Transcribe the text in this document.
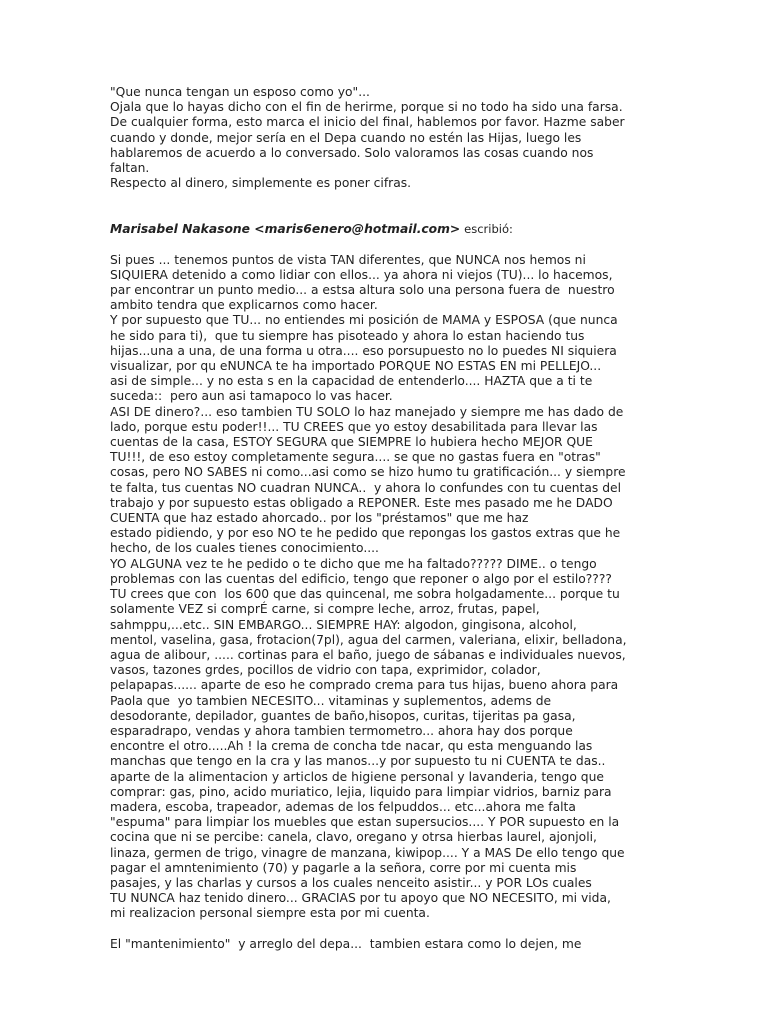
"Que nunca tengan un esposo como yo"...
Ojala que lo hayas dicho con el fin de herirme, porque si no todo ha sido una farsa.
De cualquier forma, esto marca el inicio del final, hablemos por favor. Hazme saber
cuando y donde, mejor sería en el Depa cuando no estén las Hijas, luego les
hablaremos de acuerdo a lo conversado. Solo valoramos las cosas cuando nos
faltan.
Respecto al dinero, simplemente es poner cifras.
Marisabel Nakasone <maris6enero@hotmail.com> escribió:
Si pues ... tenemos puntos de vista TAN diferentes, que NUNCA nos hemos ni
SIQUIERA detenido a como lidiar con ellos... ya ahora ni viejos (TU)... lo hacemos,
par encontrar un punto medio... a estsa altura solo una persona fuera de  nuestro
ambito tendra que explicarnos como hacer.
Y por supuesto que TU... no entiendes mi posición de MAMA y ESPOSA (que nunca
he sido para ti),  que tu siempre has pisoteado y ahora lo estan haciendo tus
hijas...una a una, de una forma u otra.... eso porsupuesto no lo puedes NI siquiera
visualizar, por qu eNUNCA te ha importado PORQUE NO ESTAS EN mi PELLEJO...
asi de simple... y no esta s en la capacidad de entenderlo.... HAZTA que a ti te
suceda::  pero aun asi tamapoco lo vas hacer.
ASI DE dinero?... eso tambien TU SOLO lo haz manejado y siempre me has dado de
lado, porque estu poder!!... TU CREES que yo estoy desabilitada para llevar las
cuentas de la casa, ESTOY SEGURA que SIEMPRE lo hubiera hecho MEJOR QUE
TU!!!, de eso estoy completamente segura.... se que no gastas fuera en "otras"
cosas, pero NO SABES ni como...asi como se hizo humo tu gratificación... y siempre
te falta, tus cuentas NO cuadran NUNCA..  y ahora lo confundes con tu cuentas del
trabajo y por supuesto estas obligado a REPONER. Este mes pasado me he DADO
CUENTA que haz estado ahorcado.. por los "préstamos" que me haz
estado pidiendo, y por eso NO te he pedido que repongas los gastos extras que he
hecho, de los cuales tienes conocimiento....
YO ALGUNA vez te he pedido o te dicho que me ha faltado????? DIME.. o tengo
problemas con las cuentas del edificio, tengo que reponer o algo por el estilo????
TU crees que con  los 600 que das quincenal, me sobra holgadamente... porque tu
solamente VEZ si comprÉ carne, si compre leche, arroz, frutas, papel,
sahmppu,...etc.. SIN EMBARGO... SIEMPRE HAY: algodon, gingisona, alcohol,
mentol, vaselina, gasa, frotacion(7pl), agua del carmen, valeriana, elixir, belladona,
agua de alibour, ..... cortinas para el baño, juego de sábanas e individuales nuevos,
vasos, tazones grdes, pocillos de vidrio con tapa, exprimidor, colador,
pelapapas...... aparte de eso he comprado crema para tus hijas, bueno ahora para
Paola que  yo tambien NECESITO... vitaminas y suplementos, adems de
desodorante, depilador, guantes de baño,hisopos, curitas, tijeritas pa gasa,
esparadrapo, vendas y ahora tambien termometro... ahora hay dos porque
encontre el otro.....Ah ! la crema de concha tde nacar, qu esta menguando las
manchas que tengo en la cra y las manos...y por supuesto tu ni CUENTA te das..
aparte de la alimentacion y articlos de higiene personal y lavanderia, tengo que
comprar: gas, pino, acido muriatico, lejia, liquido para limpiar vidrios, barniz para
madera, escoba, trapeador, ademas de los felpuddos... etc...ahora me falta
"espuma" para limpiar los muebles que estan supersucios.... Y POR supuesto en la
cocina que ni se percibe: canela, clavo, oregano y otrsa hierbas laurel, ajonjoli,
linaza, germen de trigo, vinagre de manzana, kiwipop.... Y a MAS De ello tengo que
pagar el amntenimiento (70) y pagarle a la señora, corre por mi cuenta mis
pasajes, y las charlas y cursos a los cuales nenceito asistir... y POR LOs cuales
TU NUNCA haz tenido dinero... GRACIAS por tu apoyo que NO NECESITO, mi vida,
mi realizacion personal siempre esta por mi cuenta.
El "mantenimiento"  y arreglo del depa...  tambien estara como lo dejen, me
